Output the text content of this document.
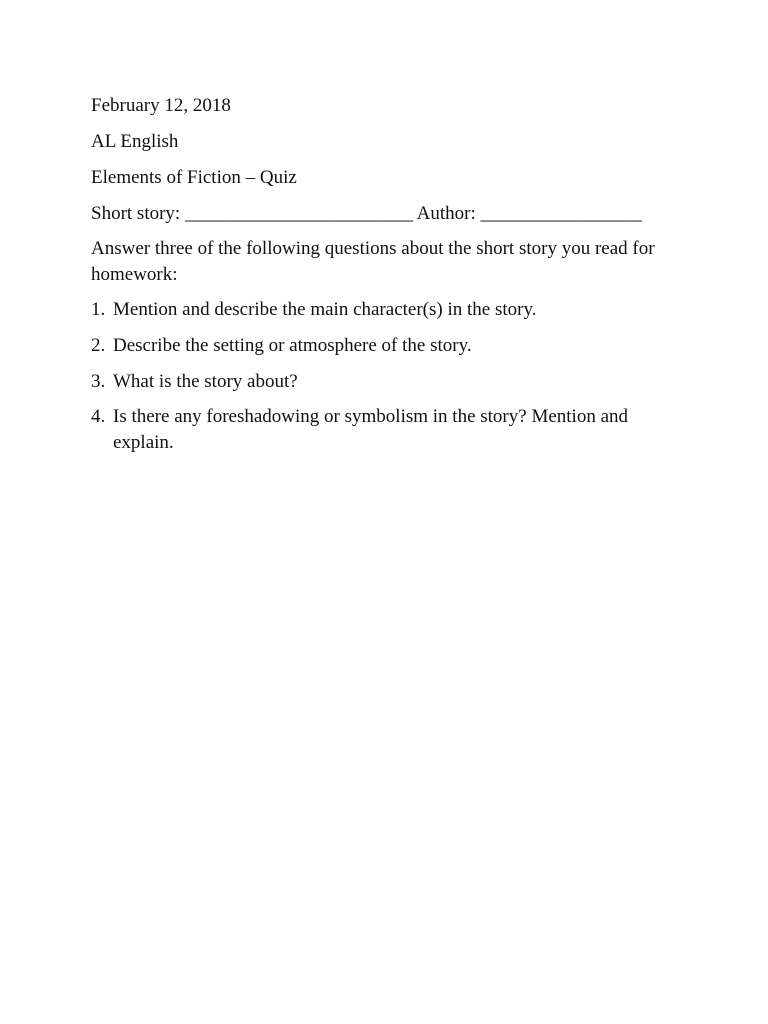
February 12, 2018
AL English
Elements of Fiction – Quiz
Short story: ________________________ Author: _________________

Answer three of the following questions about the short story you read for homework:

1. Mention and describe the main character(s) in the story.
2. Describe the setting or atmosphere of the story.
3. What is the story about?
4. Is there any foreshadowing or symbolism in the story? Mention and explain.
